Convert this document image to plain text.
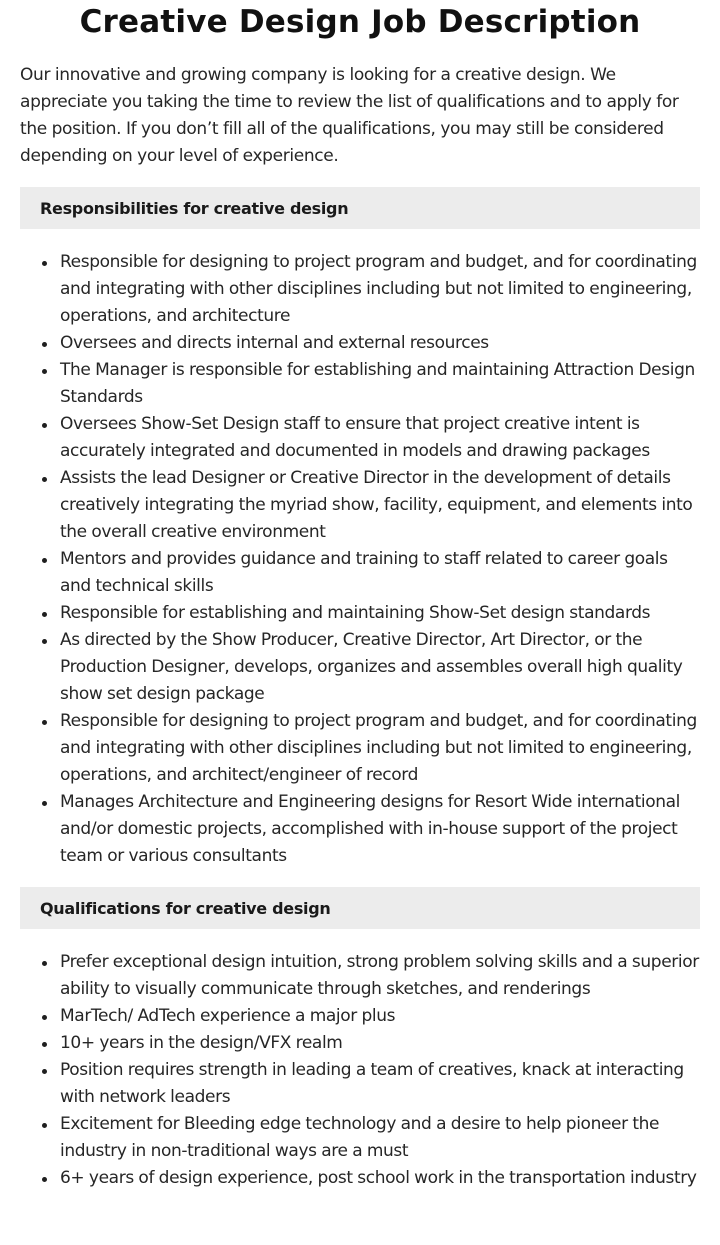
Creative Design Job Description

Our innovative and growing company is looking for a creative design. We appreciate you taking the time to review the list of qualifications and to apply for the position. If you don’t fill all of the qualifications, you may still be considered depending on your level of experience.

Responsibilities for creative design
Responsible for designing to project program and budget, and for coordinating and integrating with other disciplines including but not limited to engineering, operations, and architecture
Oversees and directs internal and external resources
The Manager is responsible for establishing and maintaining Attraction Design Standards
Oversees Show-Set Design staff to ensure that project creative intent is accurately integrated and documented in models and drawing packages
Assists the lead Designer or Creative Director in the development of details creatively integrating the myriad show, facility, equipment, and elements into the overall creative environment
Mentors and provides guidance and training to staff related to career goals and technical skills
Responsible for establishing and maintaining Show-Set design standards
As directed by the Show Producer, Creative Director, Art Director, or the Production Designer, develops, organizes and assembles overall high quality show set design package
Responsible for designing to project program and budget, and for coordinating and integrating with other disciplines including but not limited to engineering, operations, and architect/engineer of record
Manages Architecture and Engineering designs for Resort Wide international and/or domestic projects, accomplished with in-house support of the project team or various consultants
Qualifications for creative design
Prefer exceptional design intuition, strong problem solving skills and a superior ability to visually communicate through sketches, and renderings
MarTech/ AdTech experience a major plus
10+ years in the design/VFX realm
Position requires strength in leading a team of creatives, knack at interacting with network leaders
Excitement for Bleeding edge technology and a desire to help pioneer the industry in non-traditional ways are a must
6+ years of design experience, post school work in the transportation industry
